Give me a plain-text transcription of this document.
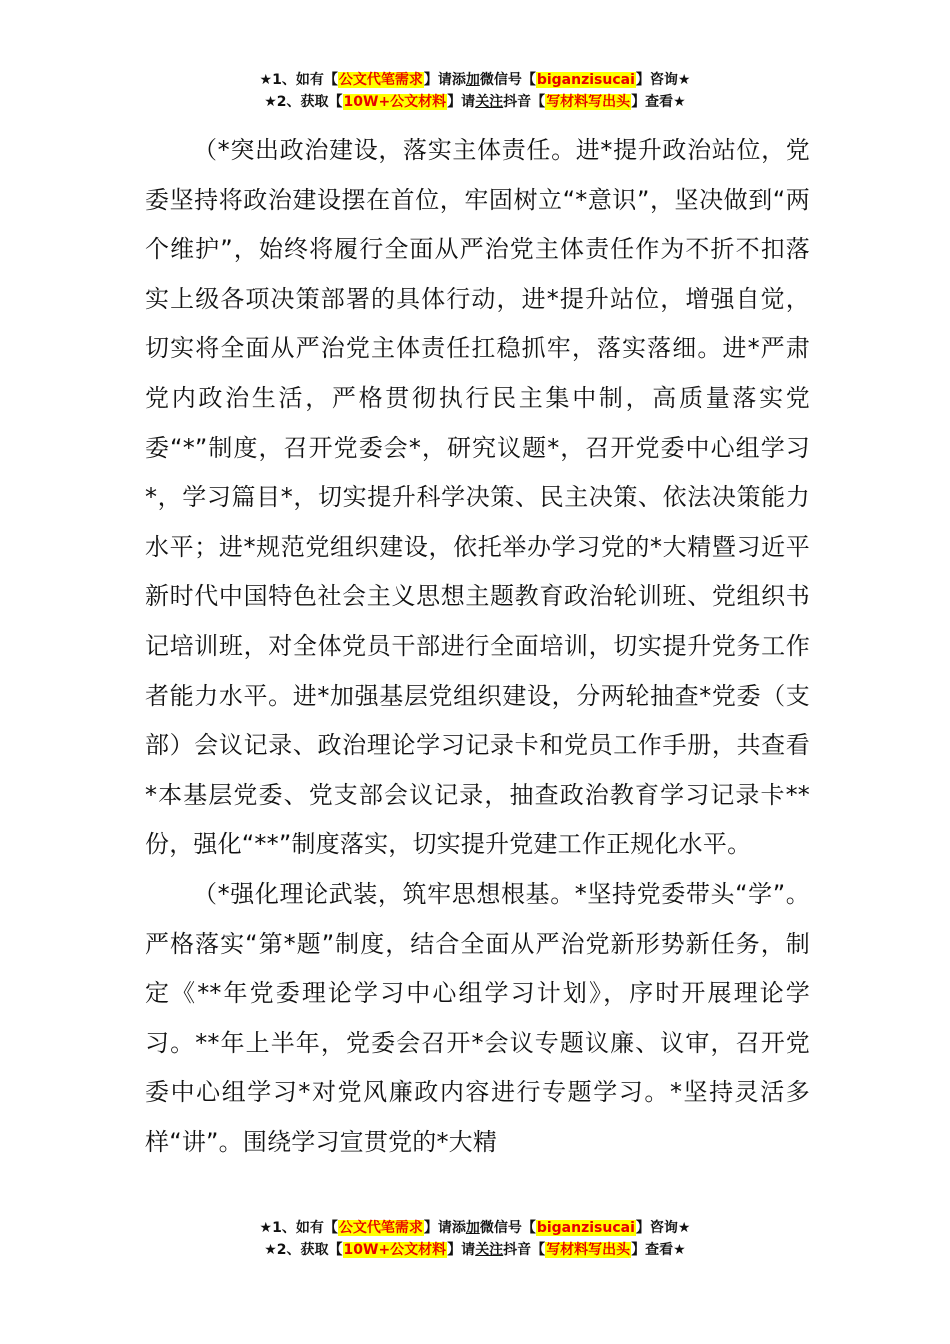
★1、如有【公文代笔需求】请添加微信号【biganzisucai】咨询★
★2、获取【10W+公文材料】请关注抖音【写材料写出头】查看★

（*突出政治建设，落实主体责任。进*提升政治站位，党委坚持将政治建设摆在首位，牢固树立“*意识”，坚决做到“两个维护”，始终将履行全面从严治党主体责任作为不折不扣落实上级各项决策部署的具体行动，进*提升站位，增强自觉，切实将全面从严治党主体责任扛稳抓牢，落实落细。进*严肃党内政治生活，严格贯彻执行民主集中制，高质量落实党委“*”制度，召开党委会*，研究议题*，召开党委中心组学习*，学习篇目*，切实提升科学决策、民主决策、依法决策能力水平；进*规范党组织建设，依托举办学习党的*大精暨习近平新时代中国特色社会主义思想主题教育政治轮训班、党组织书记培训班，对全体党员干部进行全面培训，切实提升党务工作者能力水平。进*加强基层党组织建设，分两轮抽查*党委（支部）会议记录、政治理论学习记录卡和党员工作手册，共查看*本基层党委、党支部会议记录，抽查政治教育学习记录卡**份，强化“**”制度落实，切实提升党建工作正规化水平。

（*强化理论武装，筑牢思想根基。*坚持党委带头“学”。严格落实“第*题”制度，结合全面从严治党新形势新任务，制定《**年党委理论学习中心组学习计划》，序时开展理论学习。**年上半年，党委会召开*会议专题议廉、议审，召开党委中心组学习*对党风廉政内容进行专题学习。*坚持灵活多样“讲”。围绕学习宣贯党的*大精

★1、如有【公文代笔需求】请添加微信号【biganzisucai】咨询★
★2、获取【10W+公文材料】请关注抖音【写材料写出头】查看★
